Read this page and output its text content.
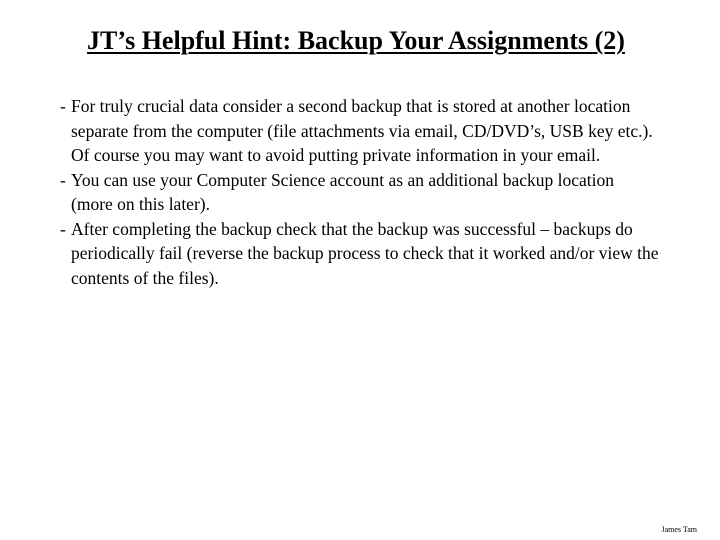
JT’s Helpful Hint: Backup Your Assignments (2)
- For truly crucial data consider a second backup that is stored at another location separate from the computer (file attachments via email, CD/DVD’s, USB key etc.). Of course you may want to avoid putting private information in your email.
- You can use your Computer Science account as an additional backup location (more on this later).
- After completing the backup check that the backup was successful – backups do periodically fail (reverse the backup process to check that it worked and/or view the contents of the files).
James Tam
